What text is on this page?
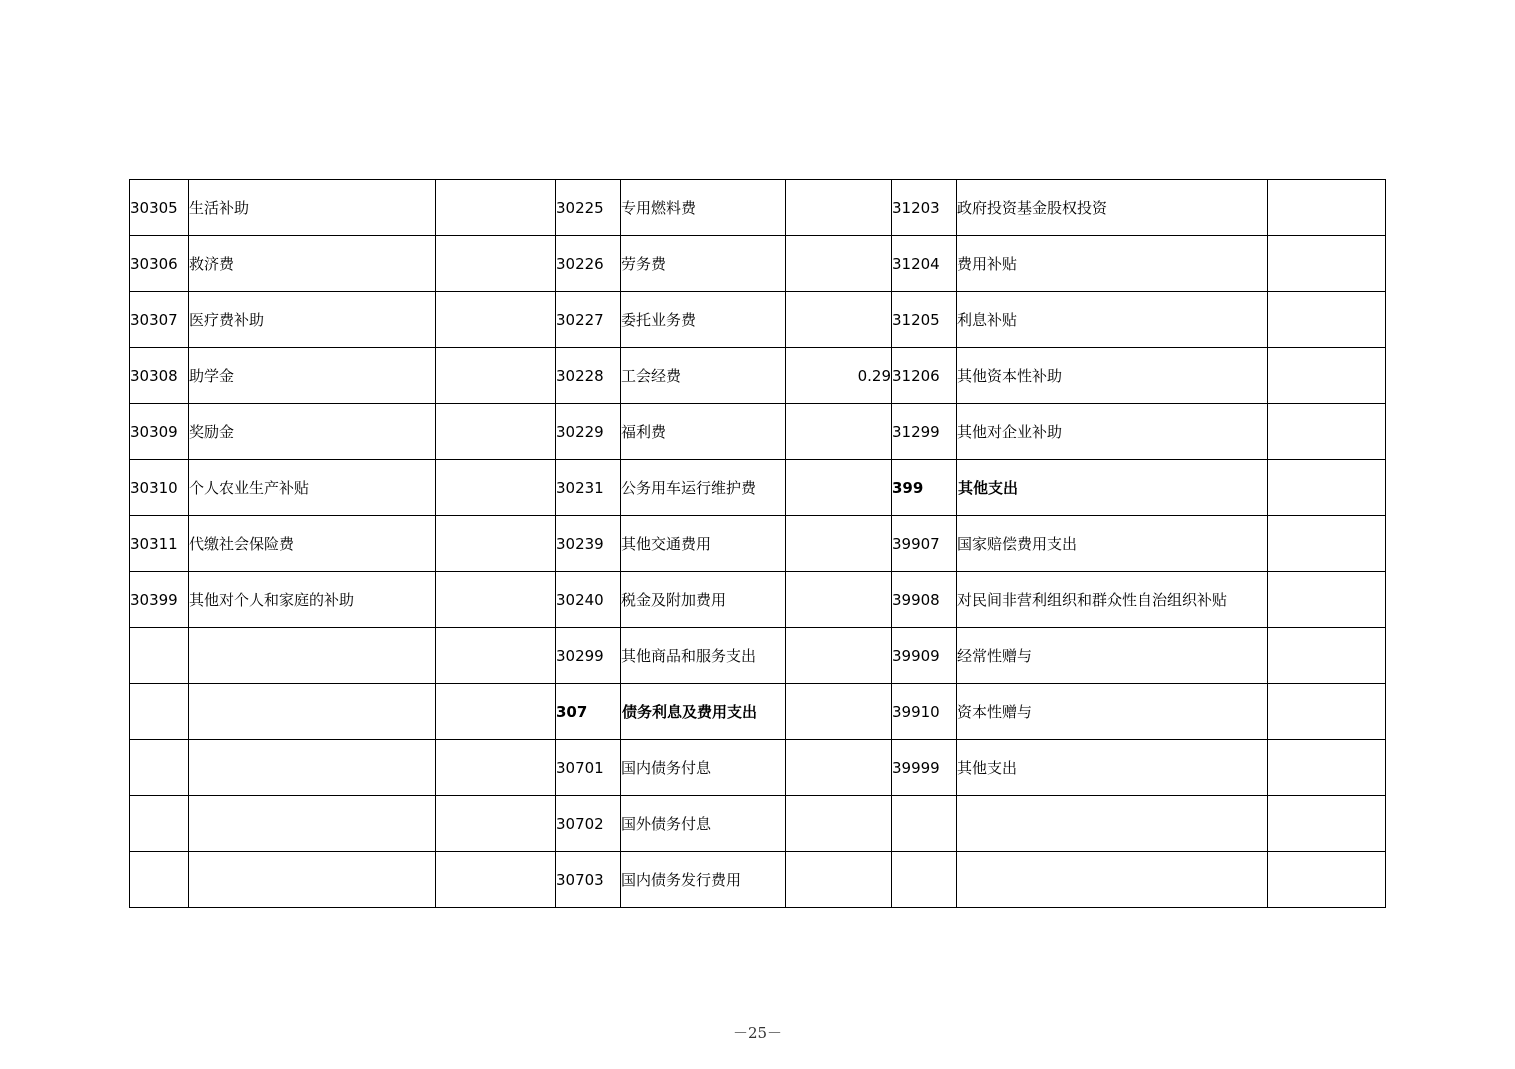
30305	生活补助		30225	专用燃料费		31203	政府投资基金股权投资	
30306	救济费		30226	劳务费		31204	费用补贴	
30307	医疗费补助		30227	委托业务费		31205	利息补贴	
30308	助学金		30228	工会经费	0.29	31206	其他资本性补助	
30309	奖励金		30229	福利费		31299	其他对企业补助	
30310	个人农业生产补贴		30231	公务用车运行维护费		399	其他支出	
30311	代缴社会保险费		30239	其他交通费用		39907	国家赔偿费用支出	
30399	其他对个人和家庭的补助		30240	税金及附加费用		39908	对民间非营利组织和群众性自治组织补贴	
			30299	其他商品和服务支出		39909	经常性赠与	
			307	债务利息及费用支出		39910	资本性赠与	
			30701	国内债务付息		39999	其他支出	
			30702	国外债务付息				
			30703	国内债务发行费用				
－25－
